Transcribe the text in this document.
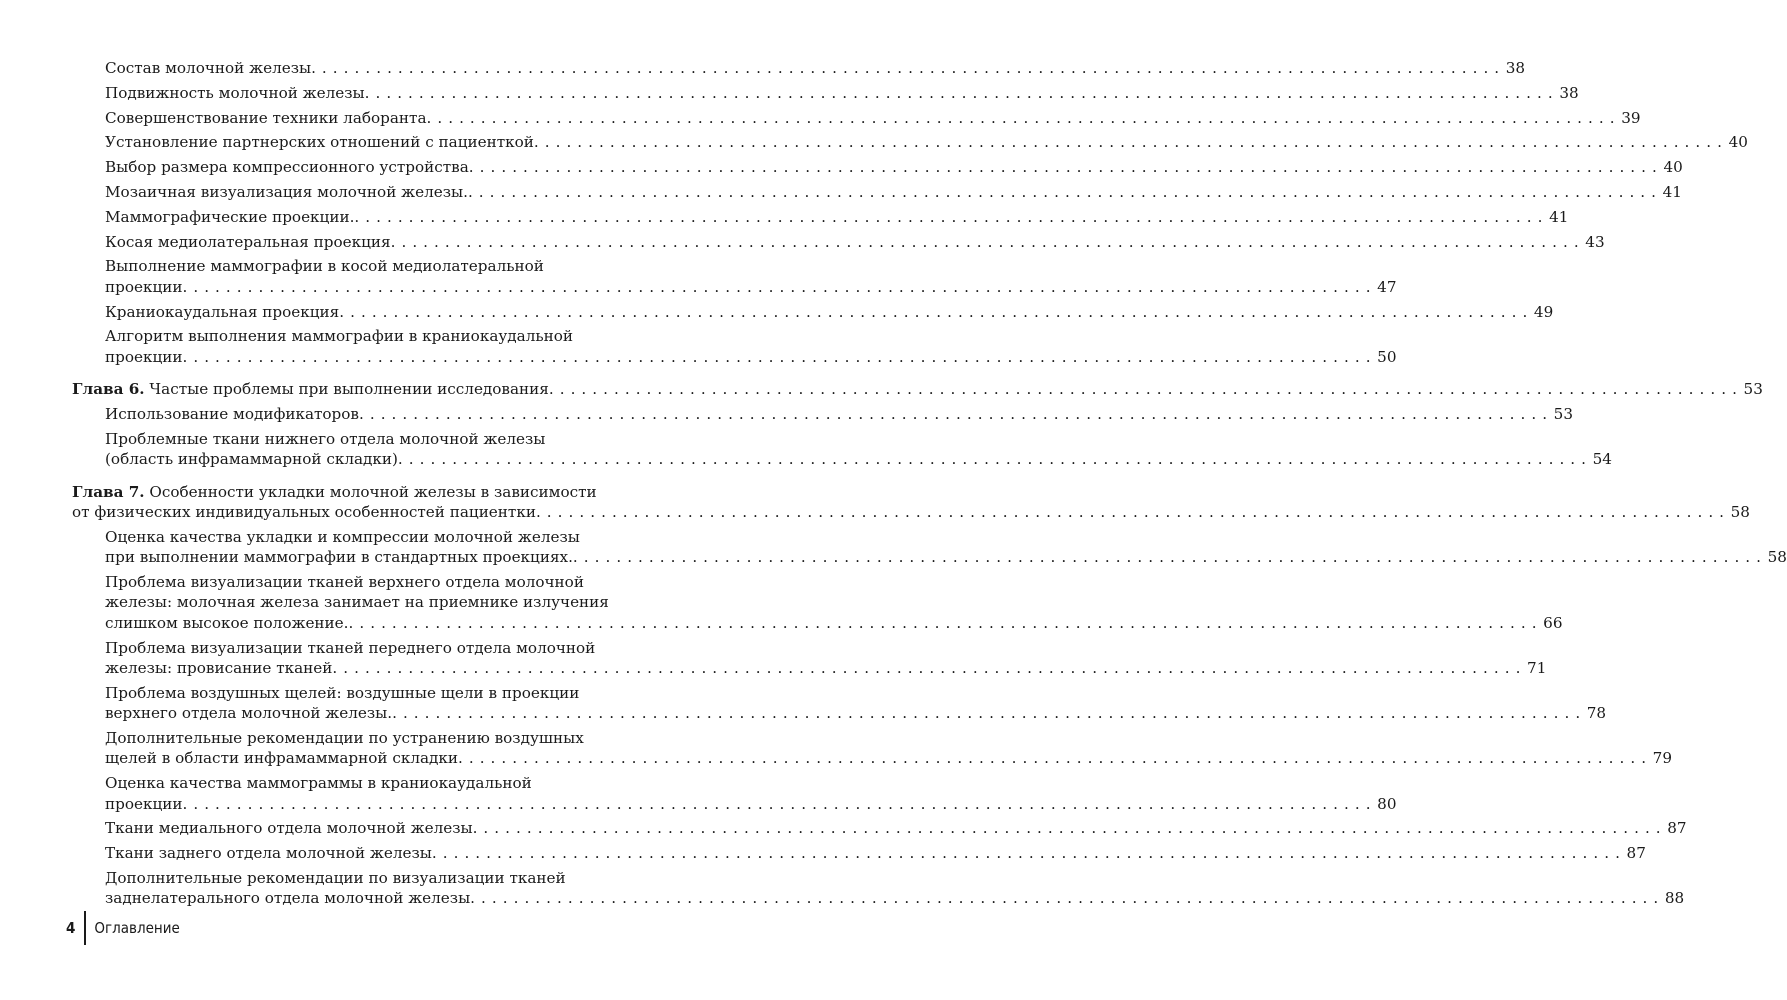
Состав молочной железы . . .	38
Подвижность молочной железы . . .	38
Совершенствование техники лаборанта . . .	39
Установление партнерских отношений с пациенткой . . .	40
Выбор размера компрессионного устройства . . .	40
Мозаичная визуализация молочной железы. . . .	41
Маммографические проекции. . . .	41
Косая медиолатеральная проекция . . .	43
Выполнение маммографии в косой медиолатеральной
проекции . . .	47
Краниокаудальная проекция . . .	49
Алгоритм выполнения маммографии в краниокаудальной
проекции . . .	50
Глава 6. Частые проблемы при выполнении исследования . . .	53
Использование модификаторов . . .	53
Проблемные ткани нижнего отдела молочной железы
(область инфрамаммарной складки) . . .	54
Глава 7. Особенности укладки молочной железы в зависимости
от физических индивидуальных особенностей пациентки . . .	58
Оценка качества укладки и компрессии молочной железы
при выполнении маммографии в стандартных проекциях. . . .	58
Проблема визуализации тканей верхнего отдела молочной
железы: молочная железа занимает на приемнике излучения
слишком высокое положение. . . .	66
Проблема визуализации тканей переднего отдела молочной
железы: провисание тканей . . .	71
Проблема воздушных щелей: воздушные щели в проекции
верхнего отдела молочной железы. . . .	78
Дополнительные рекомендации по устранению воздушных
щелей в области инфрамаммарной складки . . .	79
Оценка качества маммограммы в краниокаудальной
проекции . . .	80
Ткани медиального отдела молочной железы . . .	87
Ткани заднего отдела молочной железы . . .	87
Дополнительные рекомендации по визуализации тканей
заднелатерального отдела молочной железы . . .	88
4	Оглавление
